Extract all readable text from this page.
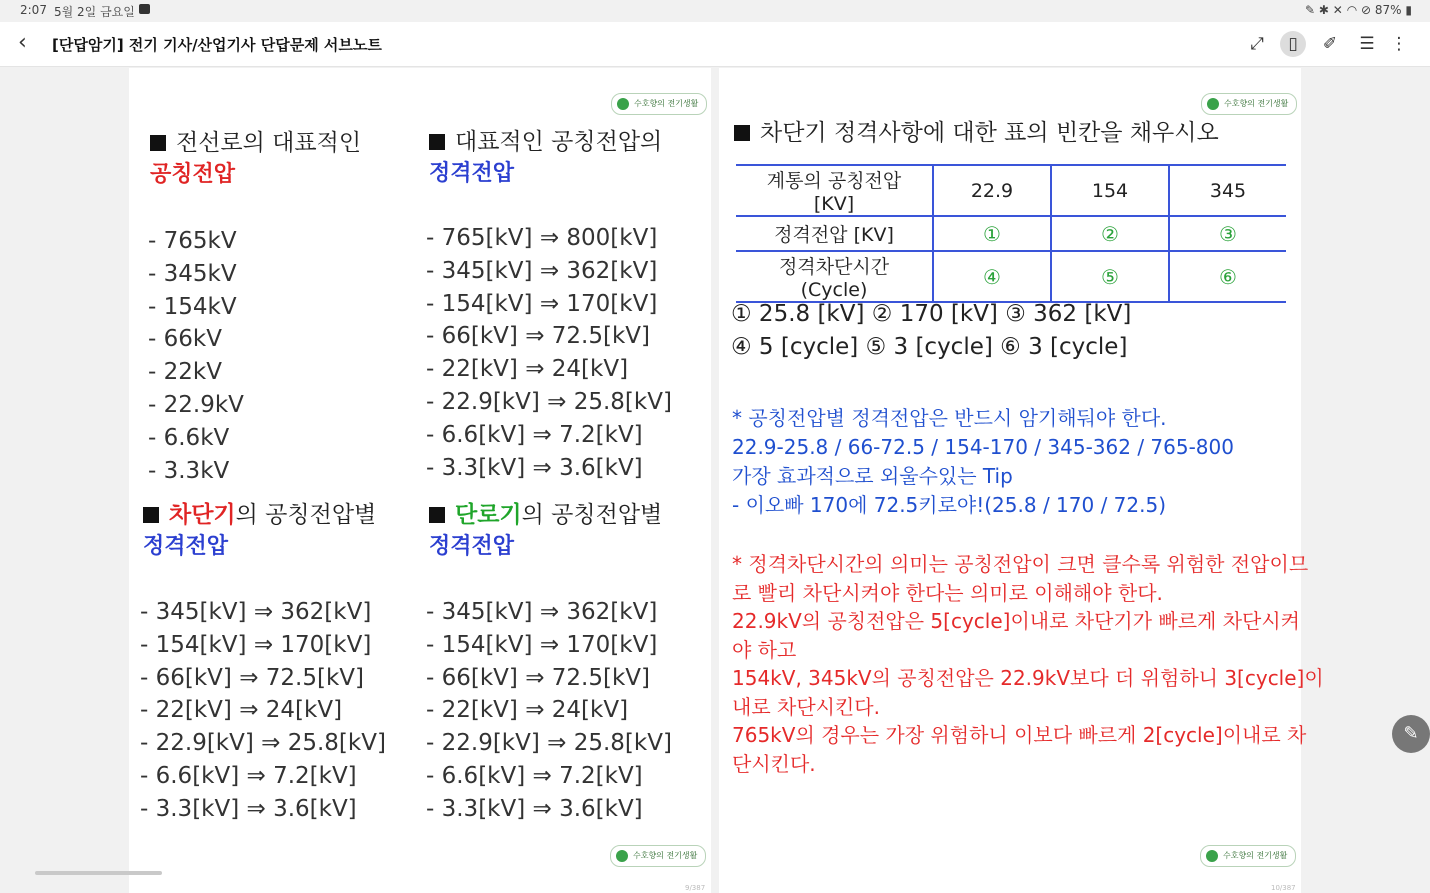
2:07 5월 2일 금요일	✎ ✱ ✕ ◠ ⊘ 87% ▮
‹ [단답암기] 전기 기사/산업기사 단답문제 서브노트	⤢	▯	✐	☰ ⋮
수호향의 전기생활
수호향의 전기생활
9/387
전선로의 대표적인
공칭전압
- 765kV
- 345kV
- 154kV
- 66kV
- 22kV
- 22.9kV
- 6.6kV
- 3.3kV
대표적인 공칭전압의
정격전압
- 765[kV] ⇒ 800[kV]
- 345[kV] ⇒ 362[kV]
- 154[kV] ⇒ 170[kV]
- 66[kV] ⇒ 72.5[kV]
- 22[kV] ⇒ 24[kV]
- 22.9[kV] ⇒ 25.8[kV]
- 6.6[kV] ⇒ 7.2[kV]
- 3.3[kV] ⇒ 3.6[kV]
차단기의 공칭전압별
정격전압
- 345[kV] ⇒ 362[kV]
- 154[kV] ⇒ 170[kV]
- 66[kV] ⇒ 72.5[kV]
- 22[kV] ⇒ 24[kV]
- 22.9[kV] ⇒ 25.8[kV]
- 6.6[kV] ⇒ 7.2[kV]
- 3.3[kV] ⇒ 3.6[kV]
단로기의 공칭전압별
정격전압
- 345[kV] ⇒ 362[kV]
- 154[kV] ⇒ 170[kV]
- 66[kV] ⇒ 72.5[kV]
- 22[kV] ⇒ 24[kV]
- 22.9[kV] ⇒ 25.8[kV]
- 6.6[kV] ⇒ 7.2[kV]
- 3.3[kV] ⇒ 3.6[kV]
수호향의 전기생활
수호향의 전기생활
10/387
차단기 정격사항에 대한 표의 빈칸을 채우시오
① 25.8 [kV] ② 170 [kV] ③ 362 [kV]
④ 5 [cycle] ⑤ 3 [cycle] ⑥ 3 [cycle]
* 공칭전압별 정격전압은 반드시 암기해둬야 한다.
22.9-25.8 / 66-72.5 / 154-170 / 345-362 / 765-800
가장 효과적으로 외울수있는 Tip
- 이오빠 170에 72.5키로야!(25.8 / 170 / 72.5)
* 정격차단시간의 의미는 공칭전압이 크면 클수록 위험한 전압이므
로 빨리 차단시켜야 한다는 의미로 이해해야 한다.
22.9kV의 공칭전압은 5[cycle]이내로 차단기가 빠르게 차단시켜
야 하고
154kV, 345kV의 공칭전압은 22.9kV보다 더 위험하니 3[cycle]이
내로 차단시킨다.
765kV의 경우는 가장 위험하니 이보다 빠르게 2[cycle]이내로 차
단시킨다.
계통의 공칭전압 [KV]	22.9	154	345
정격전압 [KV]	①	②	③
정격차단시간 (Cycle)	④	⑤	⑥
✎
